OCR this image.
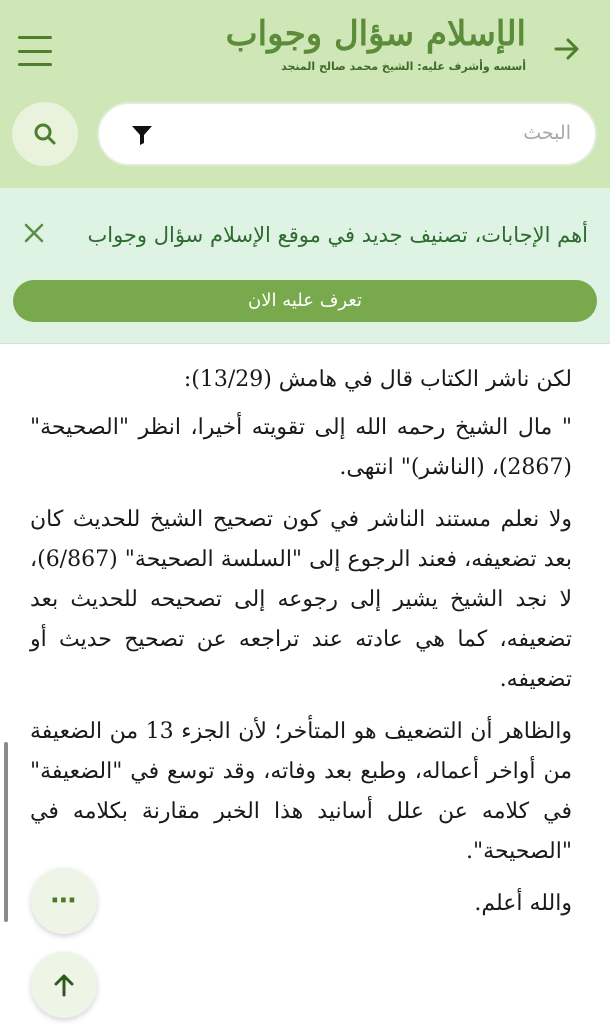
الإسلام سؤال وجواب
أسسه وأشرف عليه: الشيخ محمد صالح المنجد
البحث
أهم الإجابات، تصنيف جديد في موقع الإسلام سؤال وجواب
تعرف عليه الان

لكن ناشر الكتاب قال في هامش (13/29):

" مال الشيخ رحمه الله إلى تقويته أخيرا، انظر "الصحيحة" (2867)، (الناشر)" انتهى.

ولا نعلم مستند الناشر في كون تصحيح الشيخ للحديث كان بعد تضعيفه، فعند الرجوع إلى "السلسة الصحيحة" (6/867)، لا نجد الشيخ يشير إلى رجوعه إلى تصحيحه للحديث بعد تضعيفه، كما هي عادته عند تراجعه عن تصحيح حديث أو تضعيفه.

والظاهر أن التضعيف هو المتأخر؛ لأن الجزء 13 من الضعيفة من أواخر أعماله، وطبع بعد وفاته، وقد توسع في "الضعيفة" في كلامه عن علل أسانيد هذا الخبر مقارنة بكلامه في "الصحيحة".

والله أعلم.

⋯
